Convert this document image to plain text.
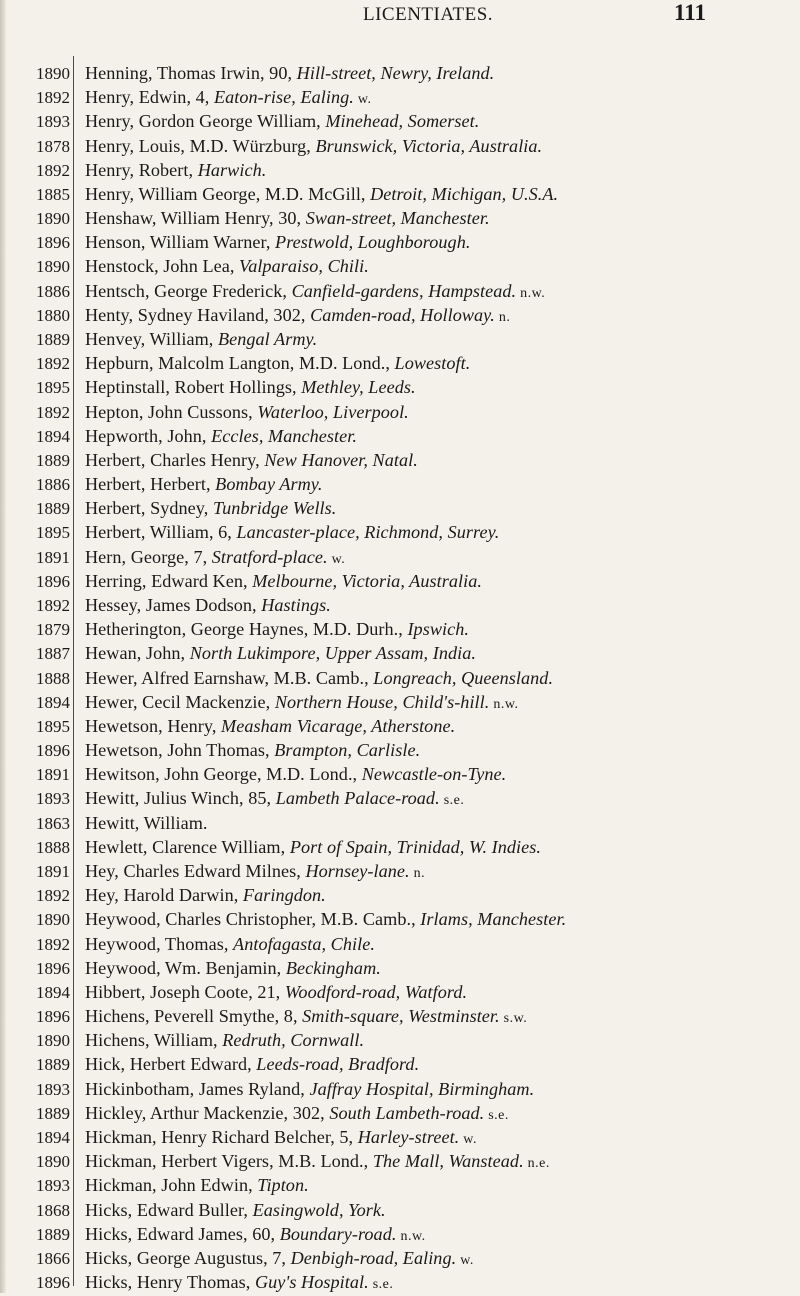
LICENTIATES.	111
1890 Henning, Thomas Irwin, 90, Hill-street, Newry, Ireland.
1892 Henry, Edwin, 4, Eaton-rise, Ealing. w.
1893 Henry, Gordon George William, Minehead, Somerset.
1878 Henry, Louis, M.D. Würzburg, Brunswick, Victoria, Australia.
1892 Henry, Robert, Harwich.
1885 Henry, William George, M.D. McGill, Detroit, Michigan, U.S.A.
1890 Henshaw, William Henry, 30, Swan-street, Manchester.
1896 Henson, William Warner, Prestwold, Loughborough.
1890 Henstock, John Lea, Valparaiso, Chili.
1886 Hentsch, George Frederick, Canfield-gardens, Hampstead. n.w.
1880 Henty, Sydney Haviland, 302, Camden-road, Holloway. n.
1889 Henvey, William, Bengal Army.
1892 Hepburn, Malcolm Langton, M.D. Lond., Lowestoft.
1895 Heptinstall, Robert Hollings, Methley, Leeds.
1892 Hepton, John Cussons, Waterloo, Liverpool.
1894 Hepworth, John, Eccles, Manchester.
1889 Herbert, Charles Henry, New Hanover, Natal.
1886 Herbert, Herbert, Bombay Army.
1889 Herbert, Sydney, Tunbridge Wells.
1895 Herbert, William, 6, Lancaster-place, Richmond, Surrey.
1891 Hern, George, 7, Stratford-place. w.
1896 Herring, Edward Ken, Melbourne, Victoria, Australia.
1892 Hessey, James Dodson, Hastings.
1879 Hetherington, George Haynes, M.D. Durh., Ipswich.
1887 Hewan, John, North Lukimpore, Upper Assam, India.
1888 Hewer, Alfred Earnshaw, M.B. Camb., Longreach, Queensland.
1894 Hewer, Cecil Mackenzie, Northern House, Child's-hill. n.w.
1895 Hewetson, Henry, Measham Vicarage, Atherstone.
1896 Hewetson, John Thomas, Brampton, Carlisle.
1891 Hewitson, John George, M.D. Lond., Newcastle-on-Tyne.
1893 Hewitt, Julius Winch, 85, Lambeth Palace-road. s.e.
1863 Hewitt, William.
1888 Hewlett, Clarence William, Port of Spain, Trinidad, W. Indies.
1891 Hey, Charles Edward Milnes, Hornsey-lane. n.
1892 Hey, Harold Darwin, Faringdon.
1890 Heywood, Charles Christopher, M.B. Camb., Irlams, Manchester.
1892 Heywood, Thomas, Antofagasta, Chile.
1896 Heywood, Wm. Benjamin, Beckingham.
1894 Hibbert, Joseph Coote, 21, Woodford-road, Watford.
1896 Hichens, Peverell Smythe, 8, Smith-square, Westminster. s.w.
1890 Hichens, William, Redruth, Cornwall.
1889 Hick, Herbert Edward, Leeds-road, Bradford.
1893 Hickinbotham, James Ryland, Jaffray Hospital, Birmingham.
1889 Hickley, Arthur Mackenzie, 302, South Lambeth-road. s.e.
1894 Hickman, Henry Richard Belcher, 5, Harley-street. w.
1890 Hickman, Herbert Vigers, M.B. Lond., The Mall, Wanstead. n.e.
1893 Hickman, John Edwin, Tipton.
1868 Hicks, Edward Buller, Easingwold, York.
1889 Hicks, Edward James, 60, Boundary-road. n.w.
1866 Hicks, George Augustus, 7, Denbigh-road, Ealing. w.
1896 Hicks, Henry Thomas, Guy's Hospital. s.e.
